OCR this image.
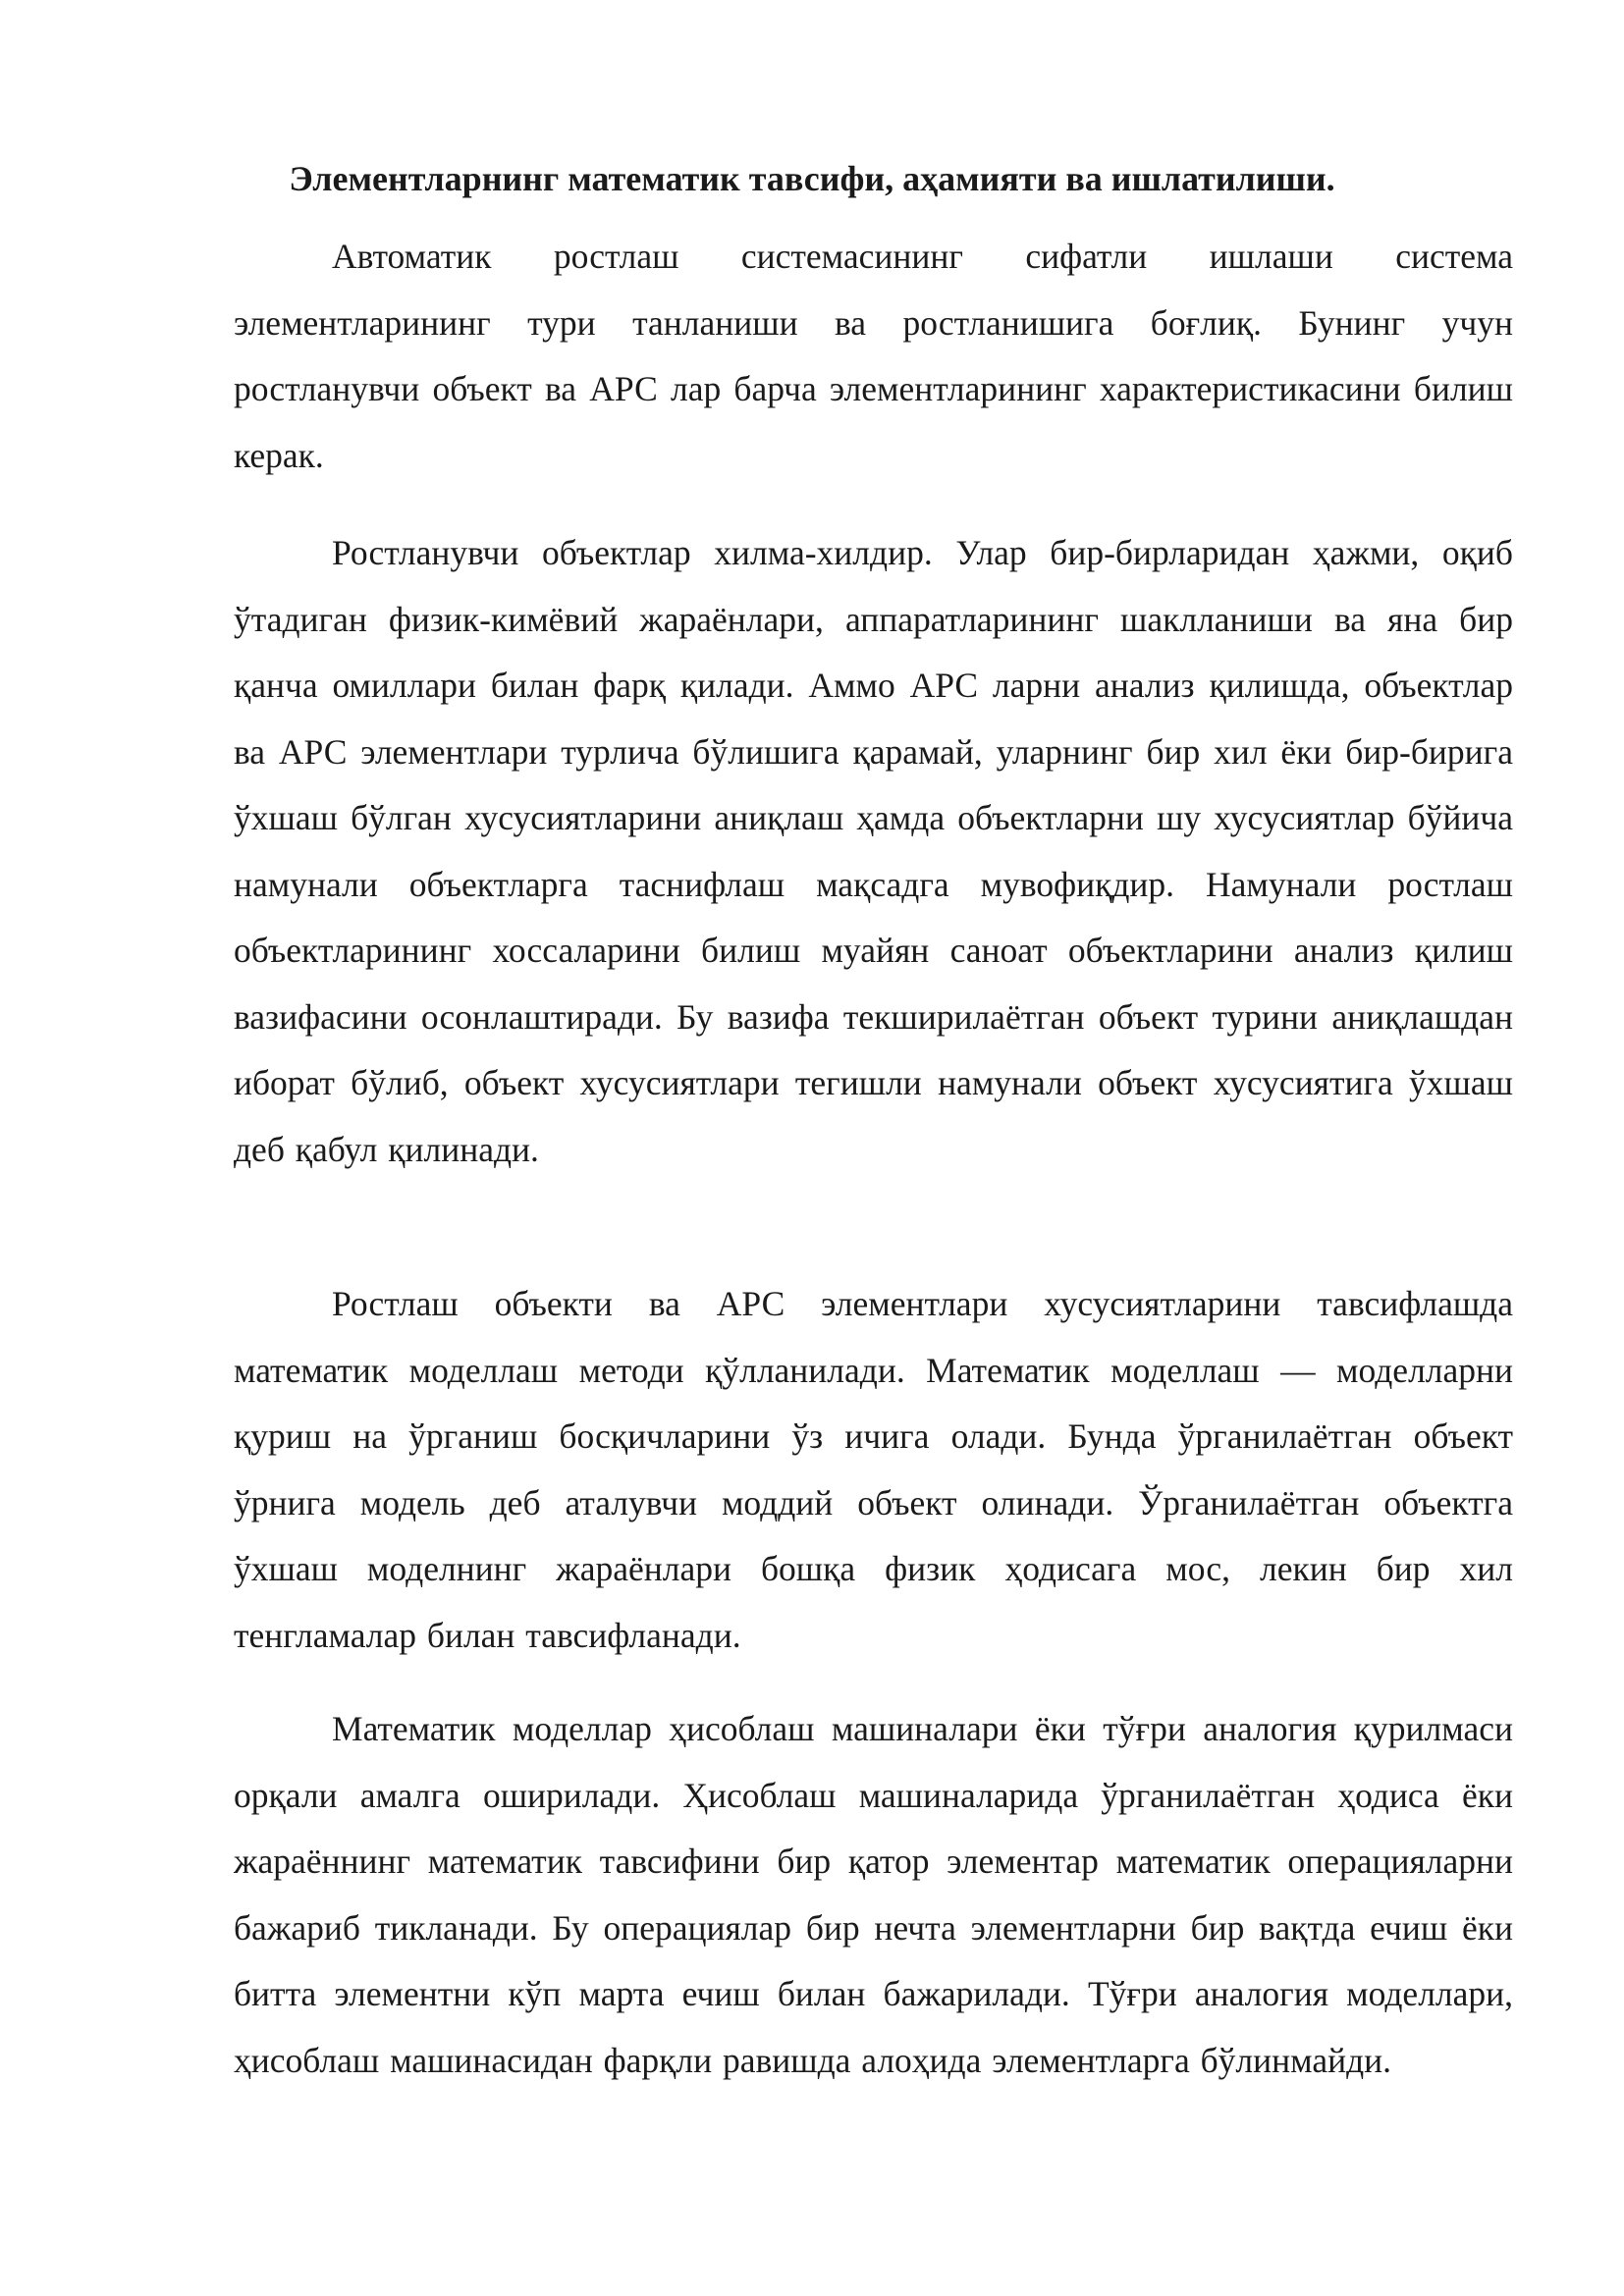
Элементларнинг математик тавсифи, аҳамияти ва ишлатилиши.

Автоматик ростлаш системасининг сифатли ишлаши система элементларининг тури танланиши ва ростланишига боғлиқ. Бунинг учун ростланувчи объект ва АРС лар барча элементларининг характеристикасини билиш керак.

Ростланувчи объектлар хилма-хилдир. Улар бир-бирларидан ҳажми, оқиб ўтадиган физик-кимёвий жараёнлари, аппаратларининг шаклланиши ва яна бир қанча омиллари билан фарқ қилади. Аммо АРС ларни анализ қилишда, объектлар ва АРС элементлари турлича бўлишига қарамай, уларнинг бир хил ёки бир-бирига ўхшаш бўлган хусусиятларини аниқлаш ҳамда объектларни шу хусусиятлар бўйича намунали объектларга таснифлаш мақсадга мувофиқдир. Намунали ростлаш объектларининг хоссаларини билиш муайян саноат объектларини анализ қилиш вазифасини осонлаштиради. Бу вазифа текширилаётган объект турини аниқлашдан иборат бўлиб, объект хусусиятлари тегишли намунали объект хусусиятига ўхшаш деб қабул қилинади.

Ростлаш объекти ва АРС элементлари хусусиятларини тавсифлашда математик моделлаш методи қўлланилади. Математик моделлаш — моделларни қуриш на ўрганиш босқичларини ўз ичига олади. Бунда ўрганилаётган объект ўрнига модель деб аталувчи моддий объект олинади. Ўрганилаётган объектга ўхшаш моделнинг жараёнлари бошқа физик ҳодисага мос, лекин бир хил тенгламалар билан тавсифланади.

Математик моделлар ҳисоблаш машиналари ёки тўғри аналогия қурилмаси орқали амалга оширилади. Ҳисоблаш машиналарида ўрганилаётган ҳодиса ёки жараённинг математик тавсифини бир қатор элементар математик операцияларни бажариб тикланади. Бу операциялар бир нечта элементларни бир вақтда ечиш ёки битта элементни кўп марта ечиш билан бажарилади. Тўғри аналогия моделлари, ҳисоблаш машинасидан фарқли равишда алоҳида элементларга бўлинмайди.
